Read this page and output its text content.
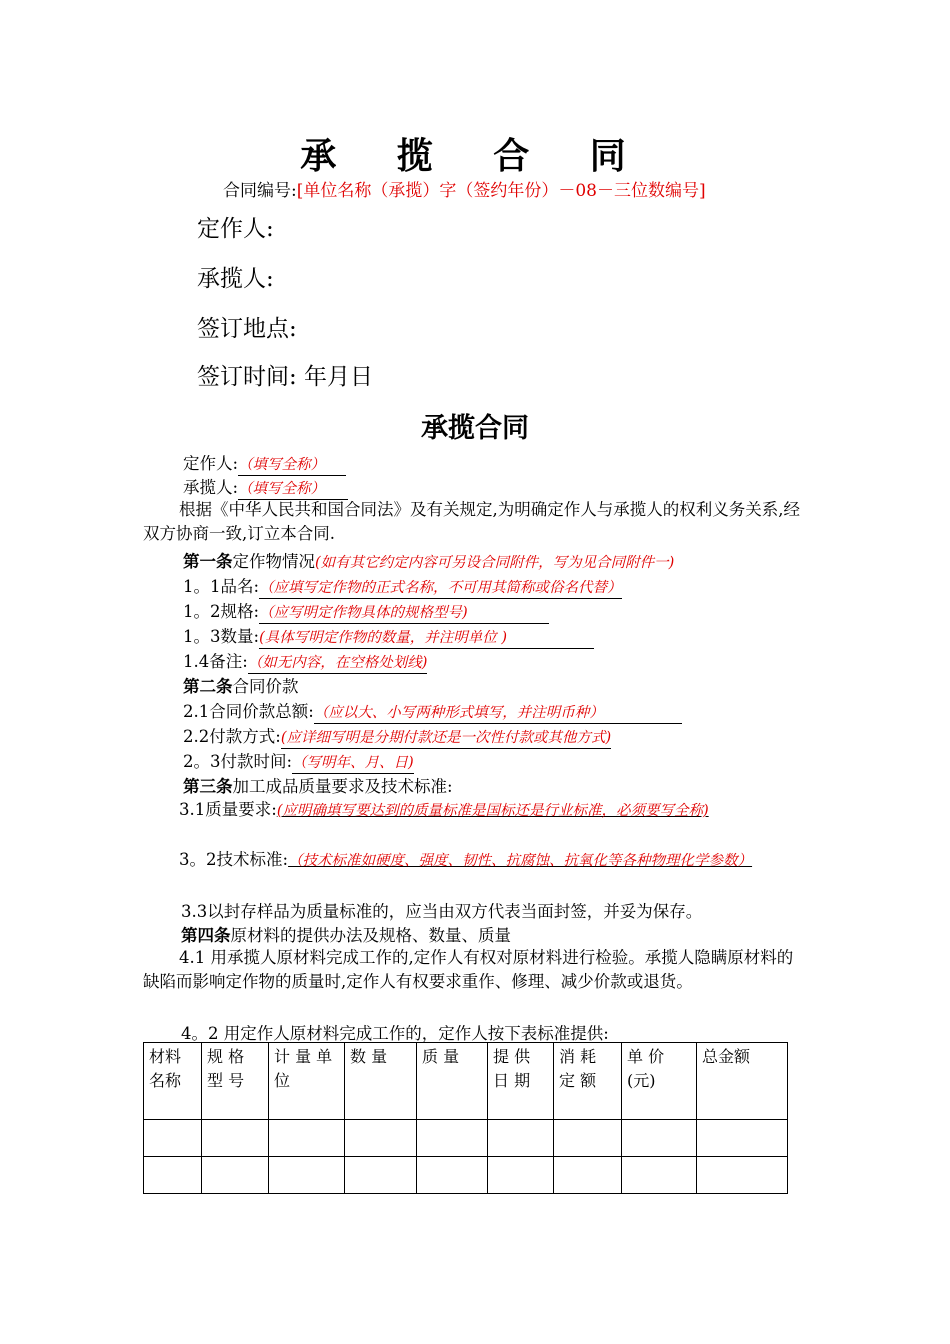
承 揽 合 同
合同编号:[单位名称（承揽）字（签约年份）－08－三位数编号]
定作人:
承揽人:
签订地点:
签订时间: 年月日
承揽合同
定作人:（填写全称）
承揽人:（填写全称）
根据《中华人民共和国合同法》及有关规定,为明确定作人与承揽人的权利义务关系,经双方协商一致,订立本合同.
第一条定作物情况(如有其它约定内容可另设合同附件，写为见合同附件一)
1。1品名:（应填写定作物的正式名称，不可用其简称或俗名代替）
1。2规格:（应写明定作物具体的规格型号)
1。3数量:(具体写明定作物的数量，并注明单位 )
1.4备注:（如无内容，在空格处划线)
第二条合同价款
2.1合同价款总额:（应以大、小写两种形式填写，并注明币种）
2.2付款方式:(应详细写明是分期付款还是一次性付款或其他方式)
2。3付款时间:（写明年、月、日)
第三条加工成品质量要求及技术标准:
3.1质量要求:(应明确填写要达到的质量标准是国标还是行业标准，必须要写全称)
3。2技术标准:（技术标准如硬度、强度、韧性、抗腐蚀、抗氧化等各种物理化学参数）
3.3以封存样品为质量标准的，应当由双方代表当面封签，并妥为保存。
第四条原材料的提供办法及规格、数量、质量
4.1 用承揽人原材料完成工作的,定作人有权对原材料进行检验。承揽人隐瞒原材料的缺陷而影响定作物的质量时,定作人有权要求重作、修理、减少价款或退货。
4。2 用定作人原材料完成工作的，定作人按下表标准提供:
材料名称	规 格 型 号	计 量 单 位	数 量	质 量	提 供 日 期	消 耗 定 额	单 价 (元)	总金额
